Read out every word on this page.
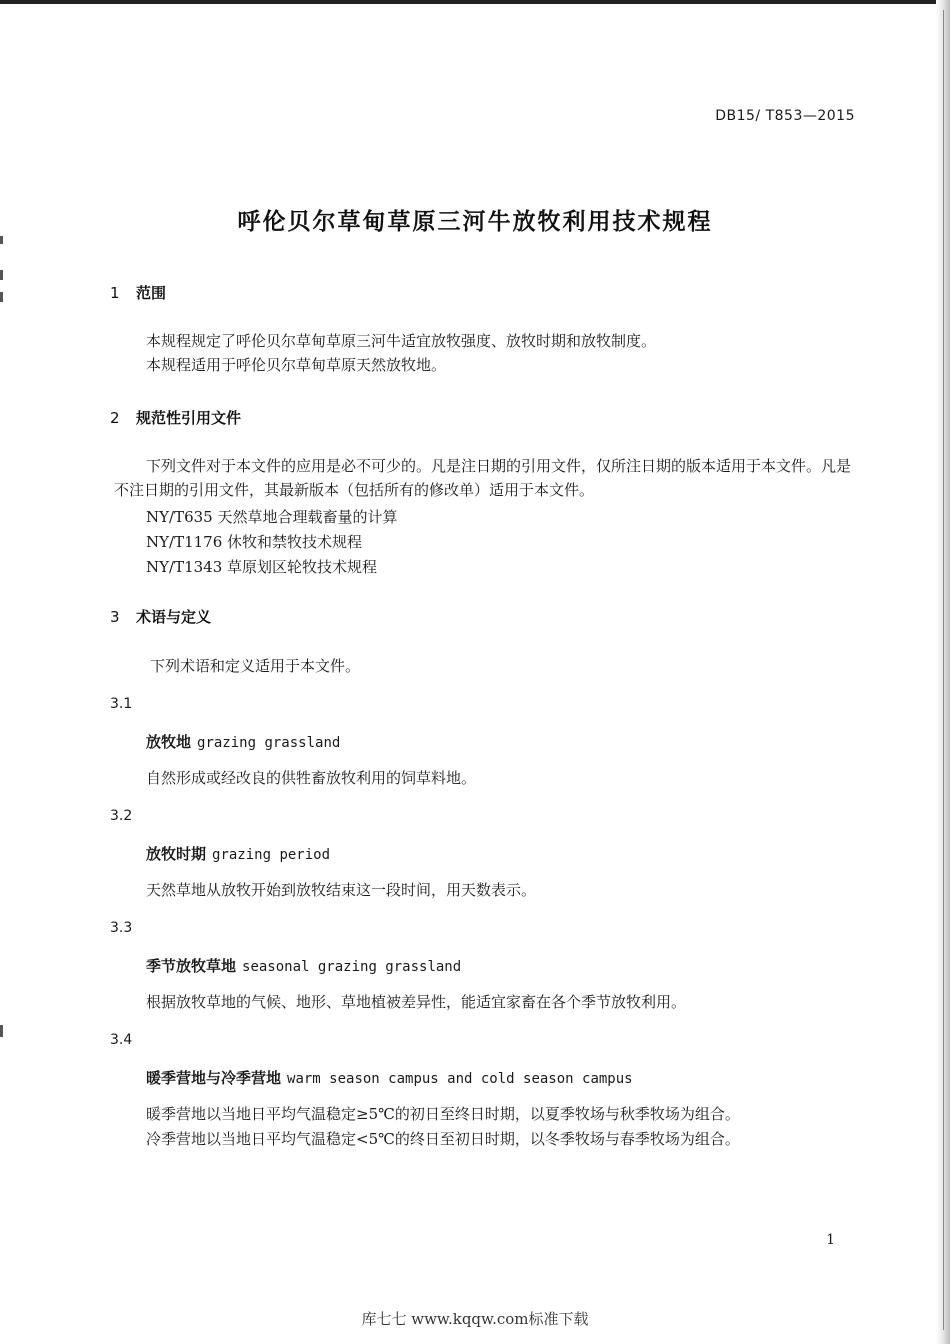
DB15/ T853—2015
呼伦贝尔草甸草原三河牛放牧利用技术规程
1 范围
本规程规定了呼伦贝尔草甸草原三河牛适宜放牧强度、放牧时期和放牧制度。
本规程适用于呼伦贝尔草甸草原天然放牧地。
2 规范性引用文件
下列文件对于本文件的应用是必不可少的。凡是注日期的引用文件，仅所注日期的版本适用于本文件。凡是不注日期的引用文件，其最新版本（包括所有的修改单）适用于本文件。
NY/T635 天然草地合理载畜量的计算
NY/T1176 休牧和禁牧技术规程
NY/T1343 草原划区轮牧技术规程
3 术语与定义
下列术语和定义适用于本文件。
3.1
放牧地 grazing grassland
自然形成或经改良的供牲畜放牧利用的饲草料地。
3.2
放牧时期 grazing period
天然草地从放牧开始到放牧结束这一段时间，用天数表示。
3.3
季节放牧草地 seasonal grazing grassland
根据放牧草地的气候、地形、草地植被差异性，能适宜家畜在各个季节放牧利用。
3.4
暖季营地与冷季营地 warm season campus and cold season campus
暖季营地以当地日平均气温稳定≥5℃的初日至终日时期，以夏季牧场与秋季牧场为组合。
冷季营地以当地日平均气温稳定<5℃的终日至初日时期，以冬季牧场与春季牧场为组合。
1
库七七 www.kqqw.com标准下载
